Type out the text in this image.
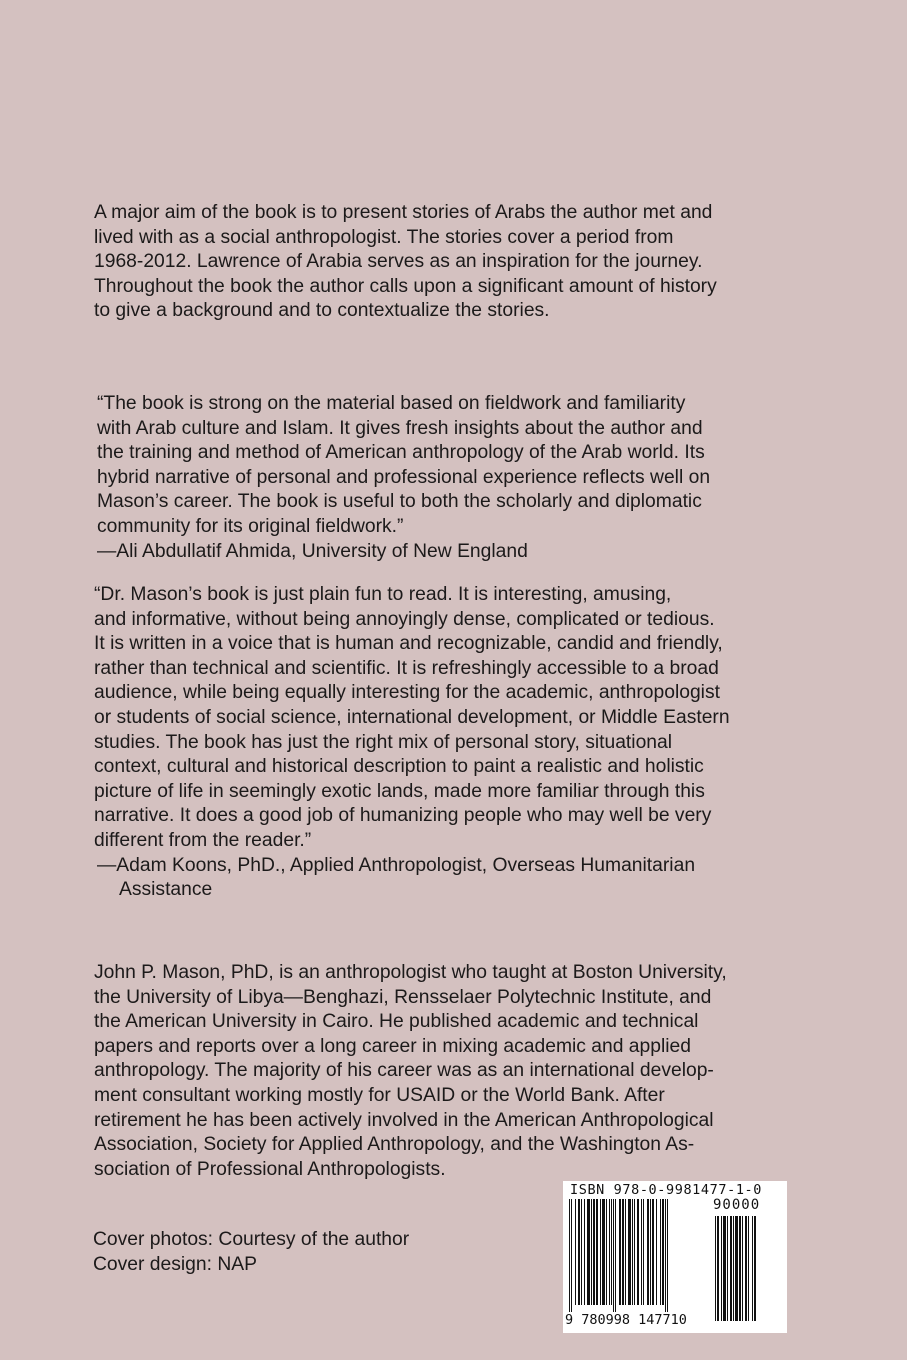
A major aim of the book is to present stories of Arabs the author met and
lived with as a social anthropologist. The stories cover a period from
1968-2012. Lawrence of Arabia serves as an inspiration for the journey.
Throughout the book the author calls upon a significant amount of history
to give a background and to contextualize the stories.
“The book is strong on the material based on fieldwork and familiarity
with Arab culture and Islam. It gives fresh insights about the author and
the training and method of American anthropology of the Arab world. Its
hybrid narrative of personal and professional experience reflects well on
Mason’s career. The book is useful to both the scholarly and diplomatic
community for its original fieldwork.”
—Ali Abdullatif Ahmida, University of New England
“Dr. Mason’s book is just plain fun to read. It is interesting, amusing,
and informative, without being annoyingly dense, complicated or tedious.
It is written in a voice that is human and recognizable, candid and friendly,
rather than technical and scientific. It is refreshingly accessible to a broad
audience, while being equally interesting for the academic, anthropologist
or students of social science, international development, or Middle Eastern
studies. The book has just the right mix of personal story, situational
context, cultural and historical description to paint a realistic and holistic
picture of life in seemingly exotic lands, made more familiar through this
narrative. It does a good job of humanizing people who may well be very
different from the reader.”
—Adam Koons, PhD., Applied Anthropologist, Overseas Humanitarian
Assistance
John P. Mason, PhD, is an anthropologist who taught at Boston University,
the University of Libya—Benghazi, Rensselaer Polytechnic Institute, and
the American University in Cairo. He published academic and technical
papers and reports over a long career in mixing academic and applied
anthropology. The majority of his career was as an international develop-
ment consultant working mostly for USAID or the World Bank. After
retirement he has been actively involved in the American Anthropological
Association, Society for Applied Anthropology, and the Washington As-
sociation of Professional Anthropologists.
Cover photos: Courtesy of the author
Cover design: NAP
ISBN 978-0-9981477-1-0
90000
9 780998 147710
